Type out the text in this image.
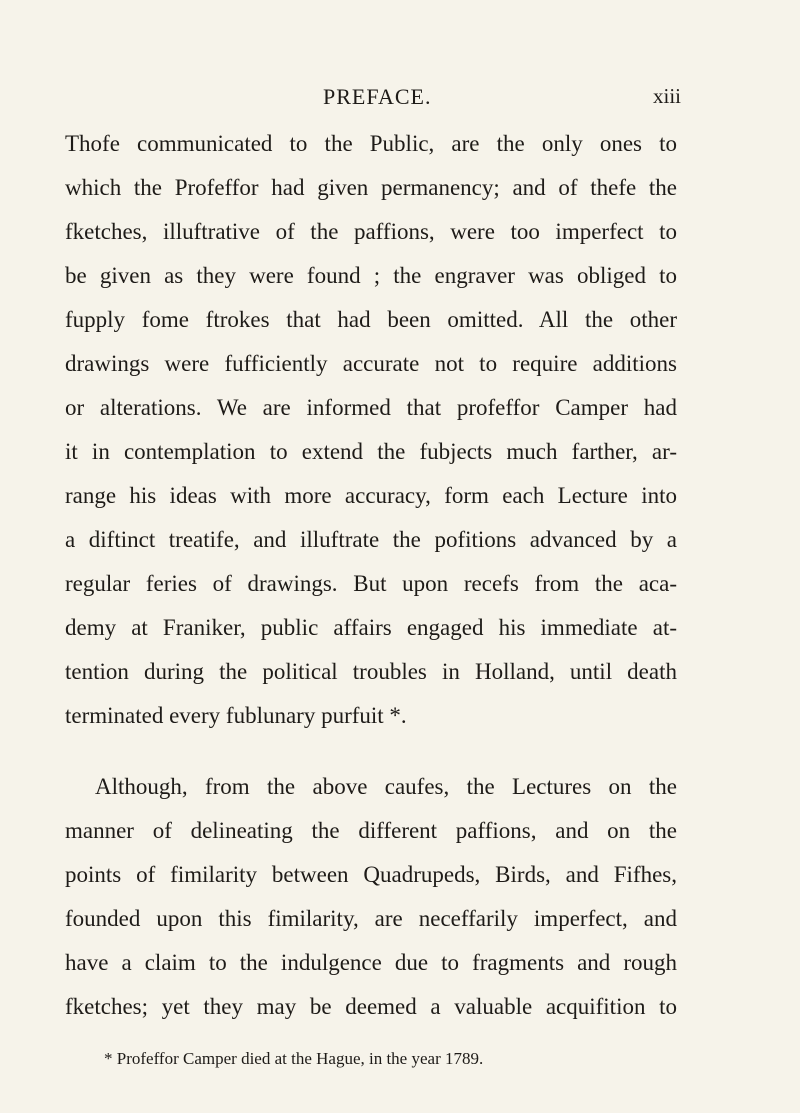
PREFACE.	xiii
Thofe communicated to the Public, are the only ones to
which the Profeffor had given permanency; and of thefe the
fketches, illuftrative of the paffions, were too imperfect to
be given as they were found ; the engraver was obliged to
fupply fome ftrokes that had been omitted. All the other
drawings were fufficiently accurate not to require additions
or alterations. We are informed that profeffor Camper had
it in contemplation to extend the fubjects much farther, ar-
range his ideas with more accuracy, form each Lecture into
a diftinct treatife, and illuftrate the pofitions advanced by a
regular feries of drawings. But upon recefs from the aca-
demy at Franiker, public affairs engaged his immediate at-
tention during the political troubles in Holland, until death
terminated every fublunary purfuit *.
Although, from the above caufes, the Lectures on the
manner of delineating the different paffions, and on the
points of fimilarity between Quadrupeds, Birds, and Fifhes,
founded upon this fimilarity, are neceffarily imperfect, and
have a claim to the indulgence due to fragments and rough
fketches; yet they may be deemed a valuable acquifition to
* Profeffor Camper died at the Hague, in the year 1789.
